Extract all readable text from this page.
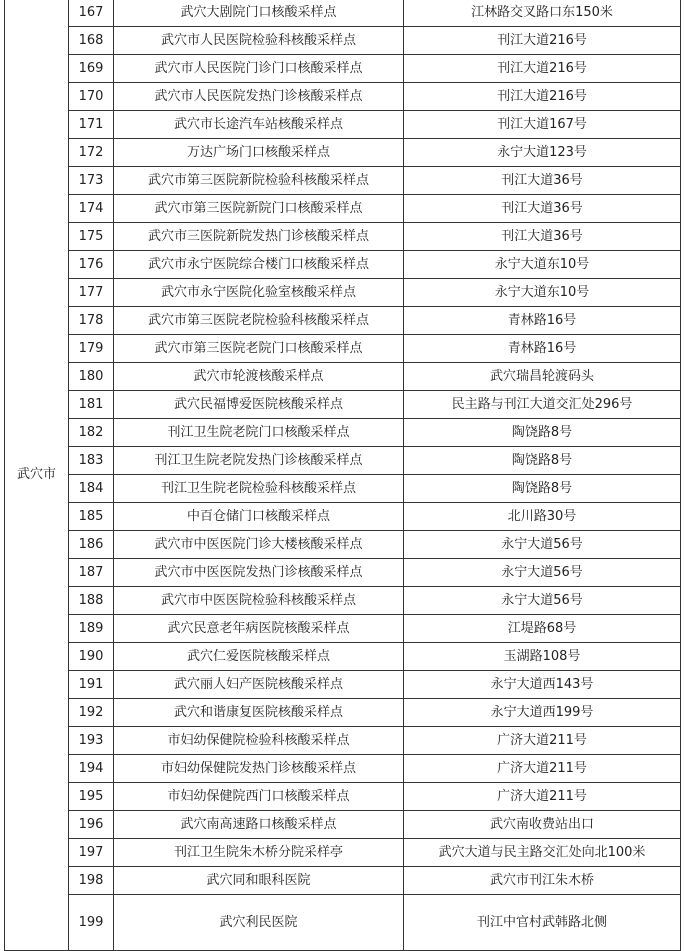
武穴市	167	武穴大剧院门口核酸采样点	江林路交叉路口东150米
	168	武穴市人民医院检验科核酸采样点	刊江大道216号
	169	武穴市人民医院门诊门口核酸采样点	刊江大道216号
	170	武穴市人民医院发热门诊核酸采样点	刊江大道216号
	171	武穴市长途汽车站核酸采样点	刊江大道167号
	172	万达广场门口核酸采样点	永宁大道123号
	173	武穴市第三医院新院检验科核酸采样点	刊江大道36号
	174	武穴市第三医院新院门口核酸采样点	刊江大道36号
	175	武穴市三医院新院发热门诊核酸采样点	刊江大道36号
	176	武穴市永宁医院综合楼门口核酸采样点	永宁大道东10号
	177	武穴市永宁医院化验室核酸采样点	永宁大道东10号
	178	武穴市第三医院老院检验科核酸采样点	青林路16号
	179	武穴市第三医院老院门口核酸采样点	青林路16号
	180	武穴市轮渡核酸采样点	武穴瑞昌轮渡码头
	181	武穴民福博爱医院核酸采样点	民主路与刊江大道交汇处296号
	182	刊江卫生院老院门口核酸采样点	陶饶路8号
	183	刊江卫生院老院发热门诊核酸采样点	陶饶路8号
	184	刊江卫生院老院检验科核酸采样点	陶饶路8号
	185	中百仓储门口核酸采样点	北川路30号
	186	武穴市中医医院门诊大楼核酸采样点	永宁大道56号
	187	武穴市中医医院发热门诊核酸采样点	永宁大道56号
	188	武穴市中医医院检验科核酸采样点	永宁大道56号
	189	武穴民意老年病医院核酸采样点	江堤路68号
	190	武穴仁爱医院核酸采样点	玉湖路108号
	191	武穴丽人妇产医院核酸采样点	永宁大道西143号
	192	武穴和谐康复医院核酸采样点	永宁大道西199号
	193	市妇幼保健院检验科核酸采样点	广济大道211号
	194	市妇幼保健院发热门诊核酸采样点	广济大道211号
	195	市妇幼保健院西门口核酸采样点	广济大道211号
	196	武穴南高速路口核酸采样点	武穴南收费站出口
	197	刊江卫生院朱木桥分院采样亭	武穴大道与民主路交汇处向北100米
	198	武穴同和眼科医院	武穴市刊江朱木桥
	199	武穴利民医院	刊江中官村武韩路北侧
